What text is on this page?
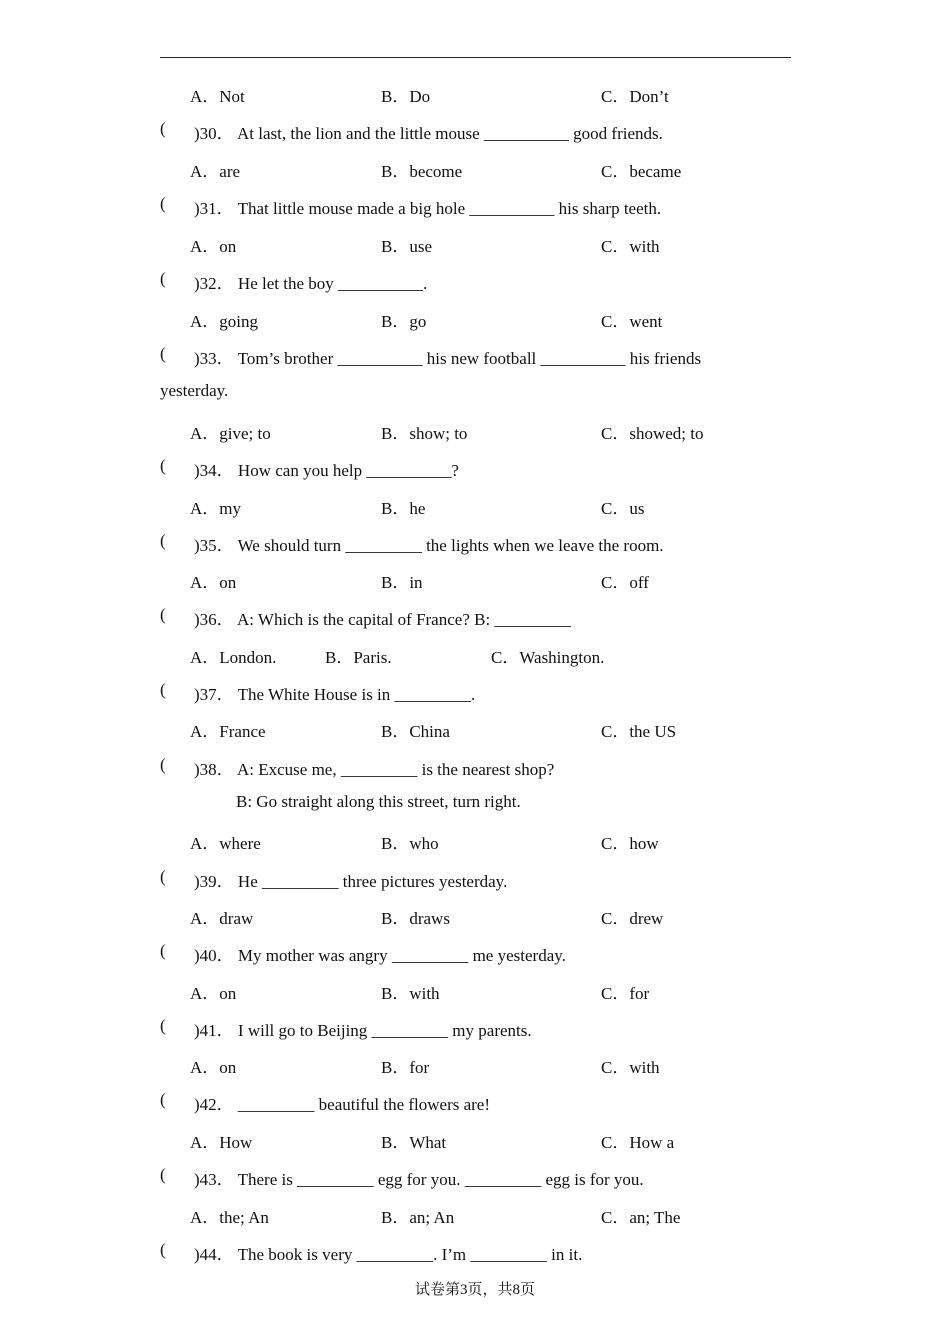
A．Not	B．Do	C．Don’t
( )30． At last, the lion and the little mouse __________ good friends.
A．are	B．become	C．became
( )31． That little mouse made a big hole __________ his sharp teeth.
A．on	B．use	C．with
( )32． He let the boy __________.
A．going	B．go	C．went
( )33． Tom’s brother __________ his new football __________ his friends
yesterday.
A．give; to	B．show; to	C．showed; to
( )34． How can you help __________?
A．my	B．he	C．us
( )35． We should turn _________ the lights when we leave the room.
A．on	B．in	C．off
( )36． A: Which is the capital of France? B: _________
A．London.	B．Paris.	C．Washington.
( )37． The White House is in _________.
A．France	B．China	C．the US
( )38． A: Excuse me, _________ is the nearest shop?
B: Go straight along this street, turn right.
A．where	B．who	C．how
( )39． He _________ three pictures yesterday.
A．draw	B．draws	C．drew
( )40． My mother was angry _________ me yesterday.
A．on	B．with	C．for
( )41． I will go to Beijing _________ my parents.
A．on	B．for	C．with
( )42． _________ beautiful the flowers are!
A．How	B．What	C．How a
( )43． There is _________ egg for you. _________ egg is for you.
A．the; An	B．an; An	C．an; The
( )44． The book is very _________. I’m _________ in it.
试卷第3页，共8页
